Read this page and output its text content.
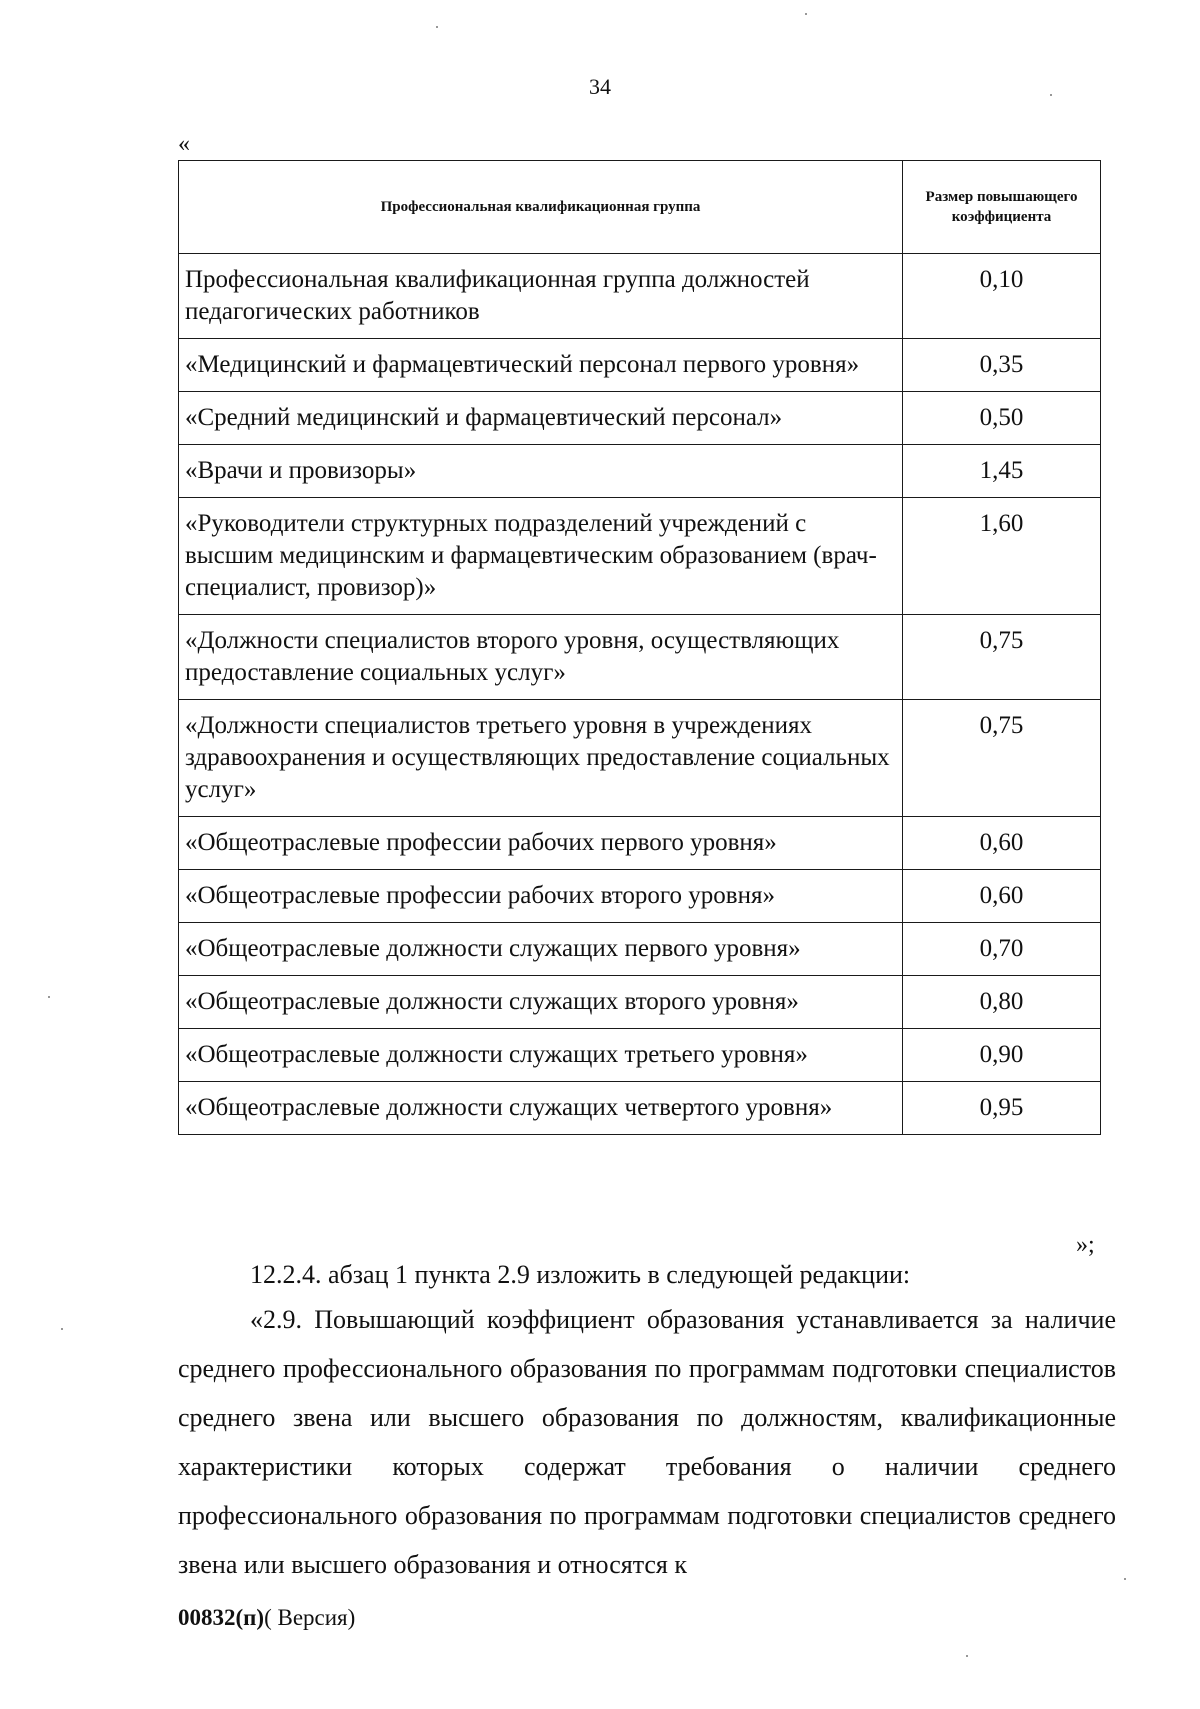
34
«
Профессиональная квалификационная группа	Размер повышающего коэффициента
Профессиональная квалификационная группа должностей педагогических работников	0,10
«Медицинский и фармацевтический персонал первого уровня»	0,35
«Средний медицинский и фармацевтический персонал»	0,50
«Врачи и провизоры»	1,45
«Руководители структурных подразделений учреждений с высшим медицинским и фармацевтическим образованием (врач-специалист, провизор)»	1,60
«Должности специалистов второго уровня, осуществляющих предоставление социальных услуг»	0,75
«Должности специалистов третьего уровня в учреждениях здравоохранения и осуществляющих предоставление социальных услуг»	0,75
«Общеотраслевые профессии рабочих первого уровня»	0,60
«Общеотраслевые профессии рабочих второго уровня»	0,60
«Общеотраслевые должности служащих первого уровня»	0,70
«Общеотраслевые должности служащих второго уровня»	0,80
«Общеотраслевые должности служащих третьего уровня»	0,90
«Общеотраслевые должности служащих четвертого уровня»	0,95
»;
12.2.4. абзац 1 пункта 2.9 изложить в следующей редакции:
«2.9. Повышающий коэффициент образования устанавливается за наличие среднего профессионального образования по программам подготовки специалистов среднего звена или высшего образования по должностям, квалификационные характеристики которых содержат требования о наличии среднего профессионального образования по программам подготовки специалистов среднего звена или высшего образования и относятся к
00832(п)( Версия)
